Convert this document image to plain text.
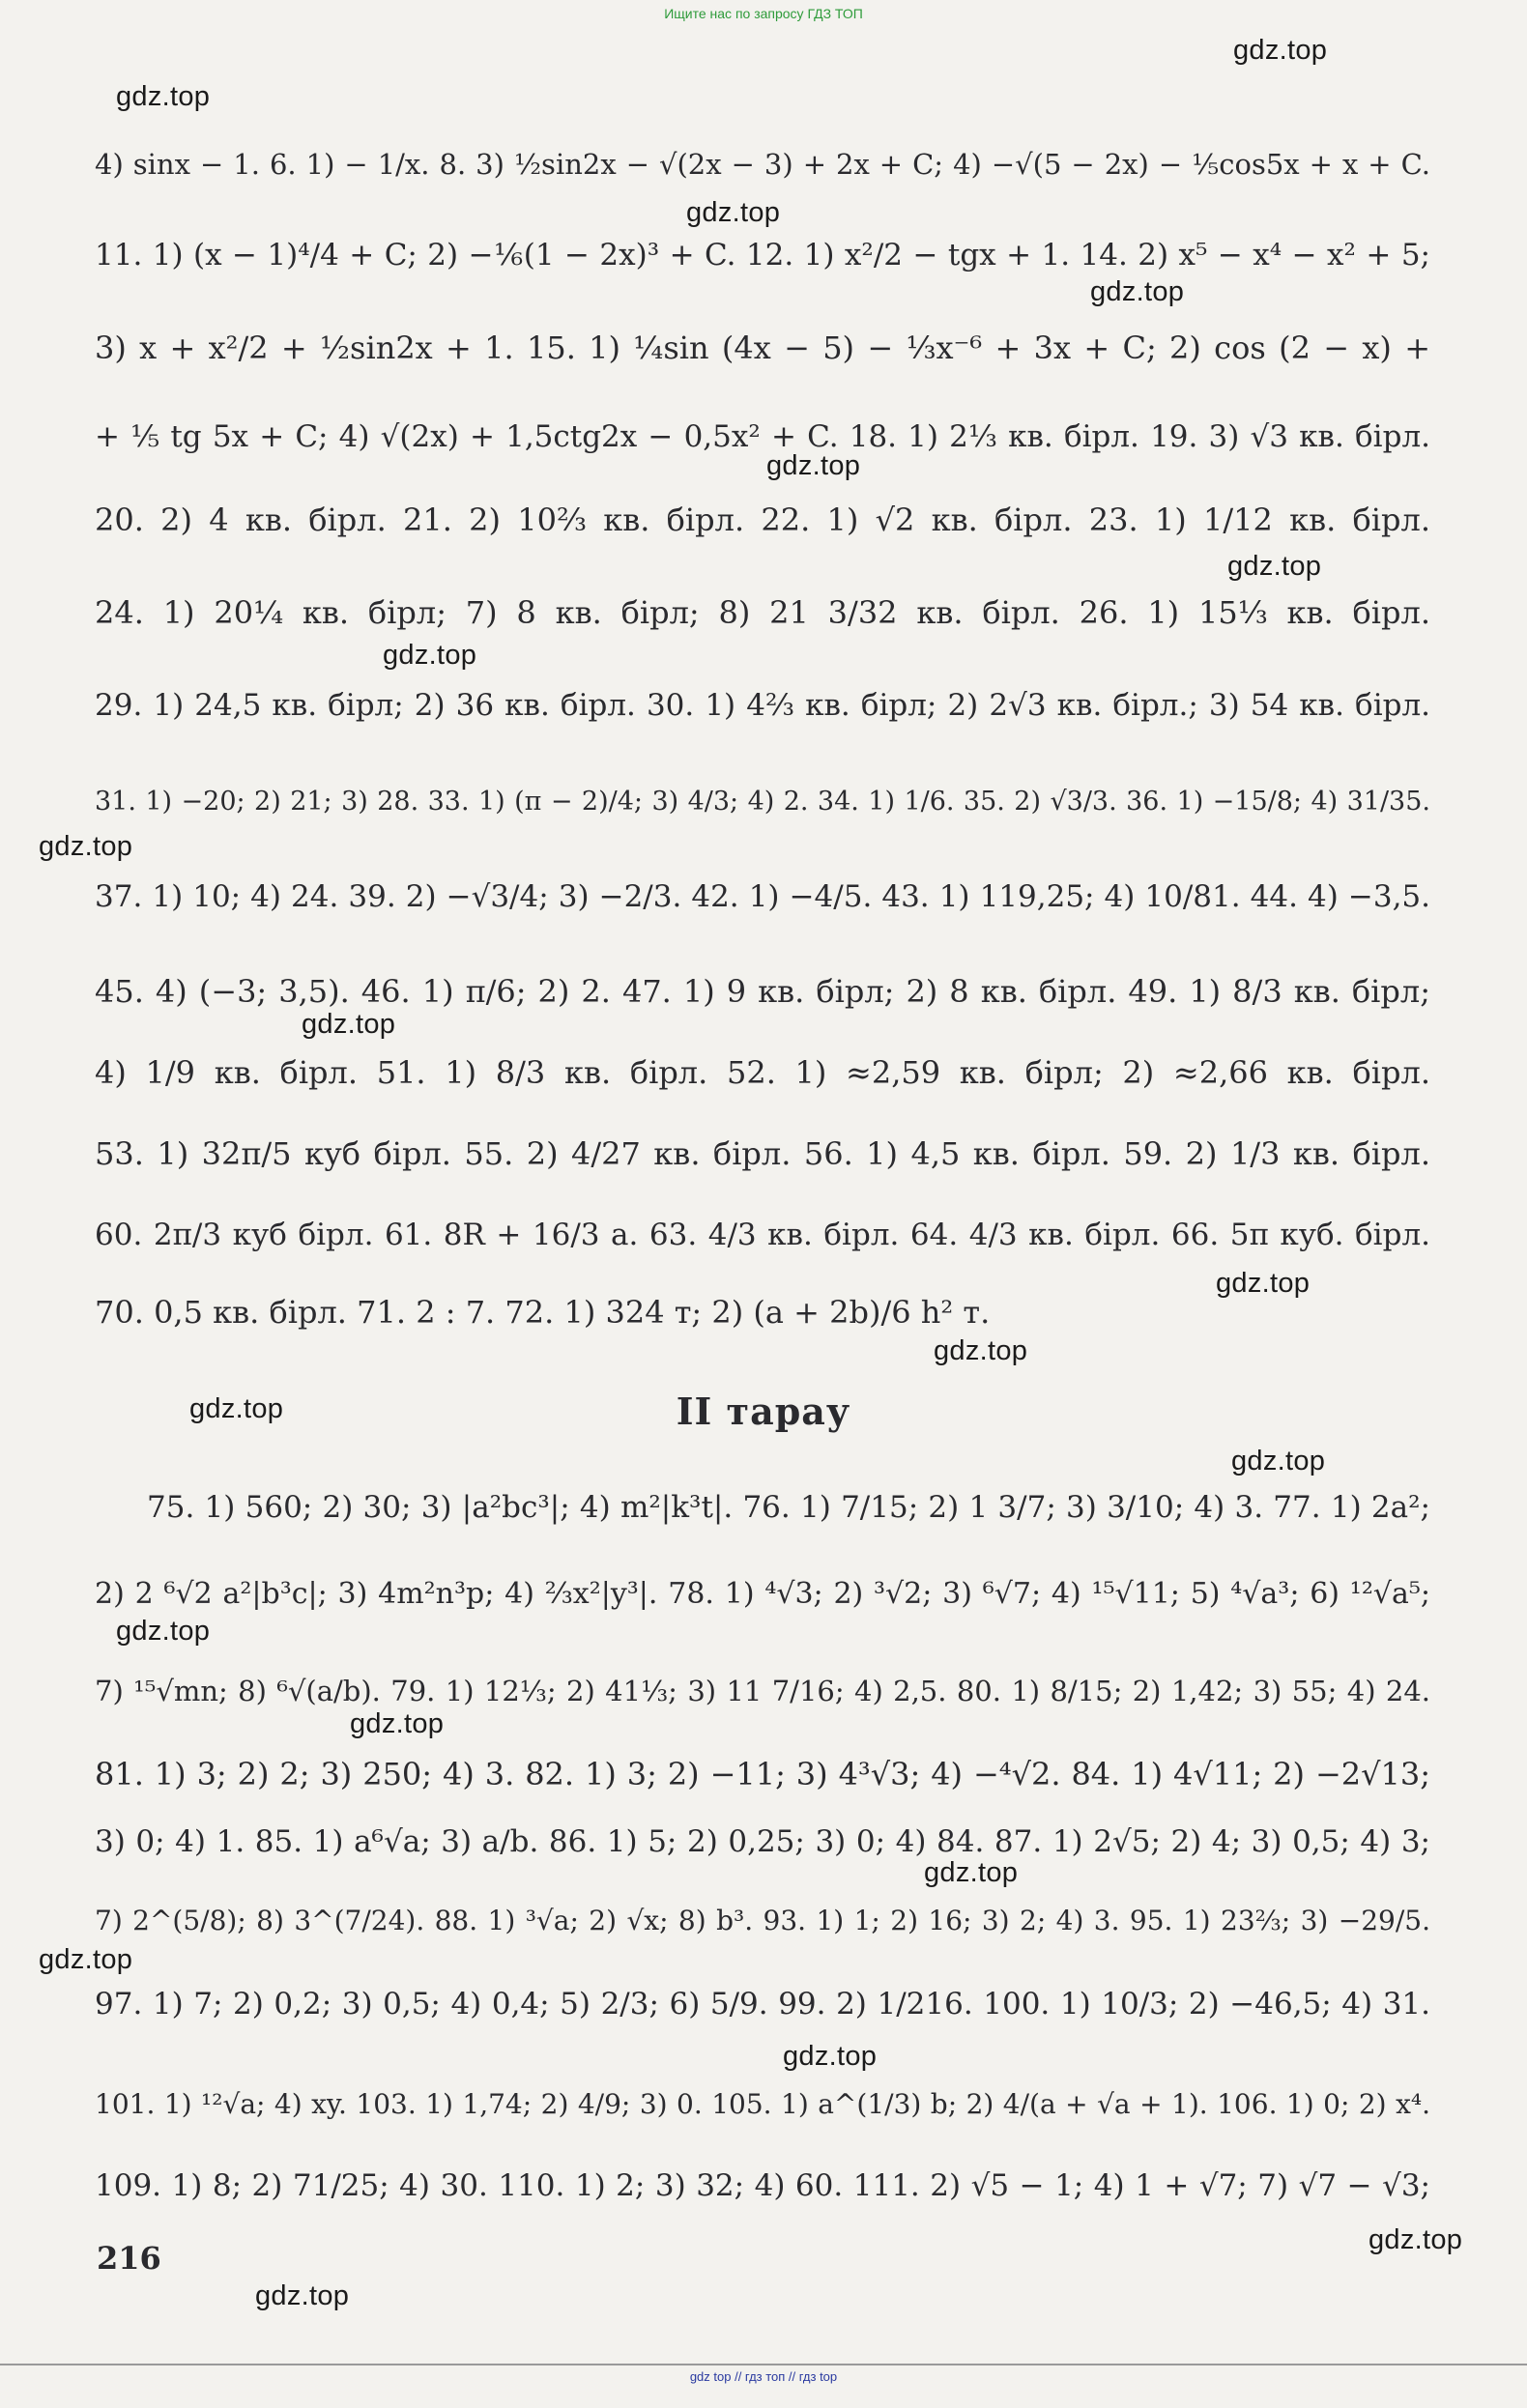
Ищите нас по запросу ГДЗ ТОП
gdz.top
gdz.top
gdz.top
gdz.top
gdz.top
gdz.top
gdz.top
gdz.top
gdz.top
gdz.top
gdz.top
gdz.top
gdz.top
gdz.top
gdz.top
gdz.top
gdz.top
gdz.top
gdz.top
gdz.top
4) sinx − 1. 6. 1) − 1/x. 8. 3) ½sin2x − √(2x − 3) + 2x + C; 4) −√(5 − 2x) − ⅕cos5x + x + C.
11. 1) (x − 1)⁴/4 + C; 2) −⅙(1 − 2x)³ + C. 12. 1) x²/2 − tgx + 1. 14. 2) x⁵ − x⁴ − x² + 5;
3) x + x²/2 + ½sin2x + 1. 15. 1) ¼sin (4x − 5) − ⅓x⁻⁶ + 3x + C; 2) cos (2 − x) +
+ ⅕ tg 5x + C; 4) √(2x) + 1,5ctg2x − 0,5x² + C. 18. 1) 2⅓ кв. бірл. 19. 3) √3 кв. бірл.
20. 2) 4 кв. бірл. 21. 2) 10⅔ кв. бірл. 22. 1) √2 кв. бірл. 23. 1) 1/12 кв. бірл.
24. 1) 20¼ кв. бірл; 7) 8 кв. бірл; 8) 21 3/32 кв. бірл. 26. 1) 15⅓ кв. бірл.
29. 1) 24,5 кв. бірл; 2) 36 кв. бірл. 30. 1) 4⅔ кв. бірл; 2) 2√3 кв. бірл.; 3) 54 кв. бірл.
31. 1) −20; 2) 21; 3) 28. 33. 1) (π − 2)/4; 3) 4/3; 4) 2. 34. 1) 1/6. 35. 2) √3/3. 36. 1) −15/8; 4) 31/35.
37. 1) 10; 4) 24. 39. 2) −√3/4; 3) −2/3. 42. 1) −4/5. 43. 1) 119,25; 4) 10/81. 44. 4) −3,5.
45. 4) (−3; 3,5). 46. 1) π/6; 2) 2. 47. 1) 9 кв. бірл; 2) 8 кв. бірл. 49. 1) 8/3 кв. бірл;
4) 1/9 кв. бірл. 51. 1) 8/3 кв. бірл. 52. 1) ≈2,59 кв. бірл; 2) ≈2,66 кв. бірл.
53. 1) 32π/5 куб бірл. 55. 2) 4/27 кв. бірл. 56. 1) 4,5 кв. бірл. 59. 2) 1/3 кв. бірл.
60. 2π/3 куб бірл. 61. 8R + 16/3 a. 63. 4/3 кв. бірл. 64. 4/3 кв. бірл. 66. 5π куб. бірл.
70. 0,5 кв. бірл. 71. 2 : 7. 72. 1) 324 т; 2) (a + 2b)/6 h² т.
II тарау
75. 1) 560; 2) 30; 3) |a²bc³|; 4) m²|k³t|. 76. 1) 7/15; 2) 1 3/7; 3) 3/10; 4) 3. 77. 1) 2a²;
2) 2 ⁶√2 a²|b³c|; 3) 4m²n³p; 4) ⅔x²|y³|. 78. 1) ⁴√3; 2) ³√2; 3) ⁶√7; 4) ¹⁵√11; 5) ⁴√a³; 6) ¹²√a⁵;
7) ¹⁵√mn; 8) ⁶√(a/b). 79. 1) 12⅓; 2) 41⅓; 3) 11 7/16; 4) 2,5. 80. 1) 8/15; 2) 1,42; 3) 55; 4) 24.
81. 1) 3; 2) 2; 3) 250; 4) 3. 82. 1) 3; 2) −11; 3) 4³√3; 4) −⁴√2. 84. 1) 4√11; 2) −2√13;
3) 0; 4) 1. 85. 1) a⁶√a; 3) a/b. 86. 1) 5; 2) 0,25; 3) 0; 4) 84. 87. 1) 2√5; 2) 4; 3) 0,5; 4) 3;
7) 2^(5/8); 8) 3^(7/24). 88. 1) ³√a; 2) √x; 8) b³. 93. 1) 1; 2) 16; 3) 2; 4) 3. 95. 1) 23⅔; 3) −29/5.
97. 1) 7; 2) 0,2; 3) 0,5; 4) 0,4; 5) 2/3; 6) 5/9. 99. 2) 1/216. 100. 1) 10/3; 2) −46,5; 4) 31.
101. 1) ¹²√a; 4) xy. 103. 1) 1,74; 2) 4/9; 3) 0. 105. 1) a^(1/3) b; 2) 4/(a + √a + 1). 106. 1) 0; 2) x⁴.
109. 1) 8; 2) 71/25; 4) 30. 110. 1) 2; 3) 32; 4) 60. 111. 2) √5 − 1; 4) 1 + √7; 7) √7 − √3;
216
gdz top // гдз топ // гдз top
